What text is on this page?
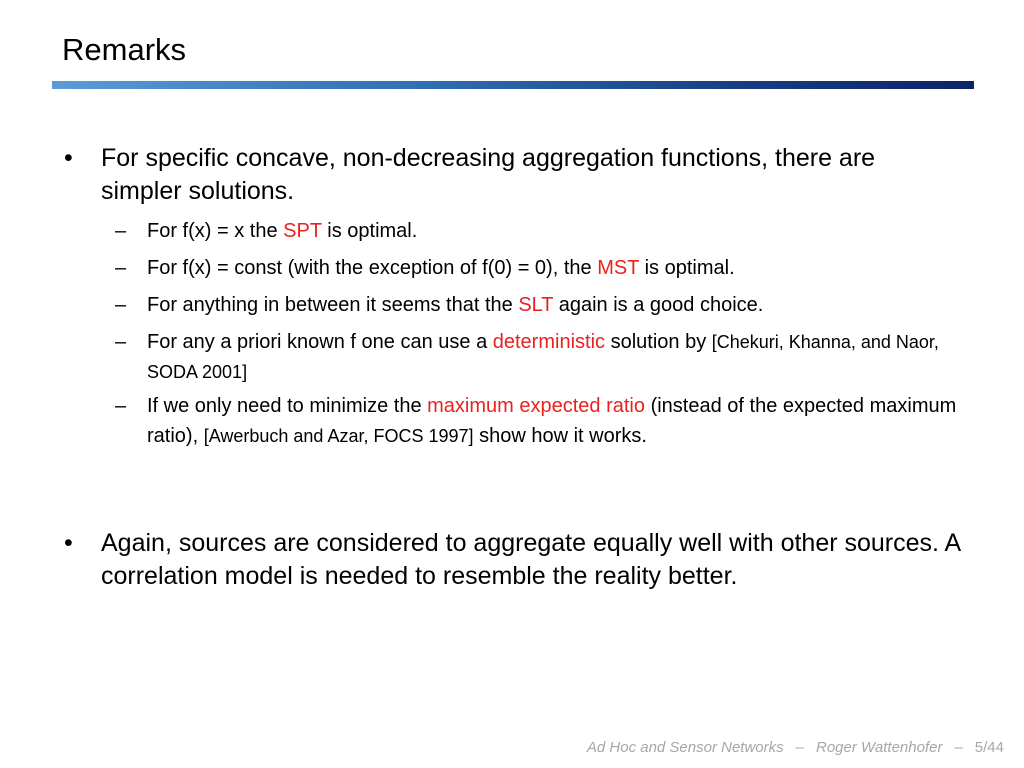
Remarks
• For specific concave, non-decreasing aggregation functions, there are simpler solutions.
– For f(x) = x the SPT is optimal.
– For f(x) = const (with the exception of f(0) = 0), the MST is optimal.
– For anything in between it seems that the SLT again is a good choice.
– For any a priori known f one can use a deterministic solution by [Chekuri, Khanna, and Naor, SODA 2001]
– If we only need to minimize the maximum expected ratio (instead of the expected maximum ratio), [Awerbuch and Azar, FOCS 1997] show how it works.
• Again, sources are considered to aggregate equally well with other sources. A correlation model is needed to resemble the reality better.
Ad Hoc and Sensor Networks – Roger Wattenhofer – 5/44
